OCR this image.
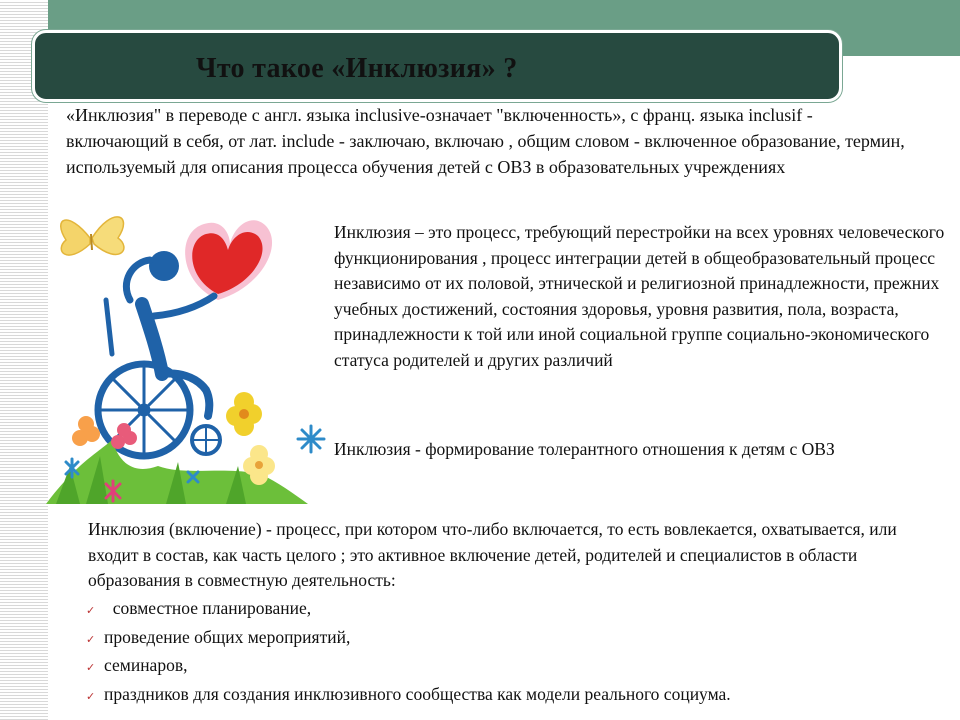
Что такое «Инклюзия» ?

«Инклюзия" в переводе с англ. языка inclusive-означает "включенность», с франц. языка inclusif - включающий в себя, от лат. include - заключаю, включаю , общим словом - включенное образование, термин, используемый для описания процесса обучения детей с ОВЗ в образовательных учреждениях

Инклюзия – это процесс, требующий перестройки на всех уровнях человеческого функционирования , процесс интеграции детей в общеобразовательный процесс независимо от их половой, этнической и религиозной принадлежности, прежних учебных достижений, состояния здоровья, уровня развития, пола, возраста, принадлежности к той или иной социальной группе социально-экономического статуса родителей и других различий

Инклюзия - формирование толерантного отношения к детям с ОВЗ

Инклюзия (включение) - процесс, при котором что-либо включается, то есть вовлекается, охватывается, или входит в состав, как часть целого ; это активное включение детей, родителей и специалистов в области образования в совместную деятельность:

✓ совместное планирование,
✓ проведение общих мероприятий,
✓ семинаров,
✓ праздников для создания инклюзивного сообщества как модели реального социума.
